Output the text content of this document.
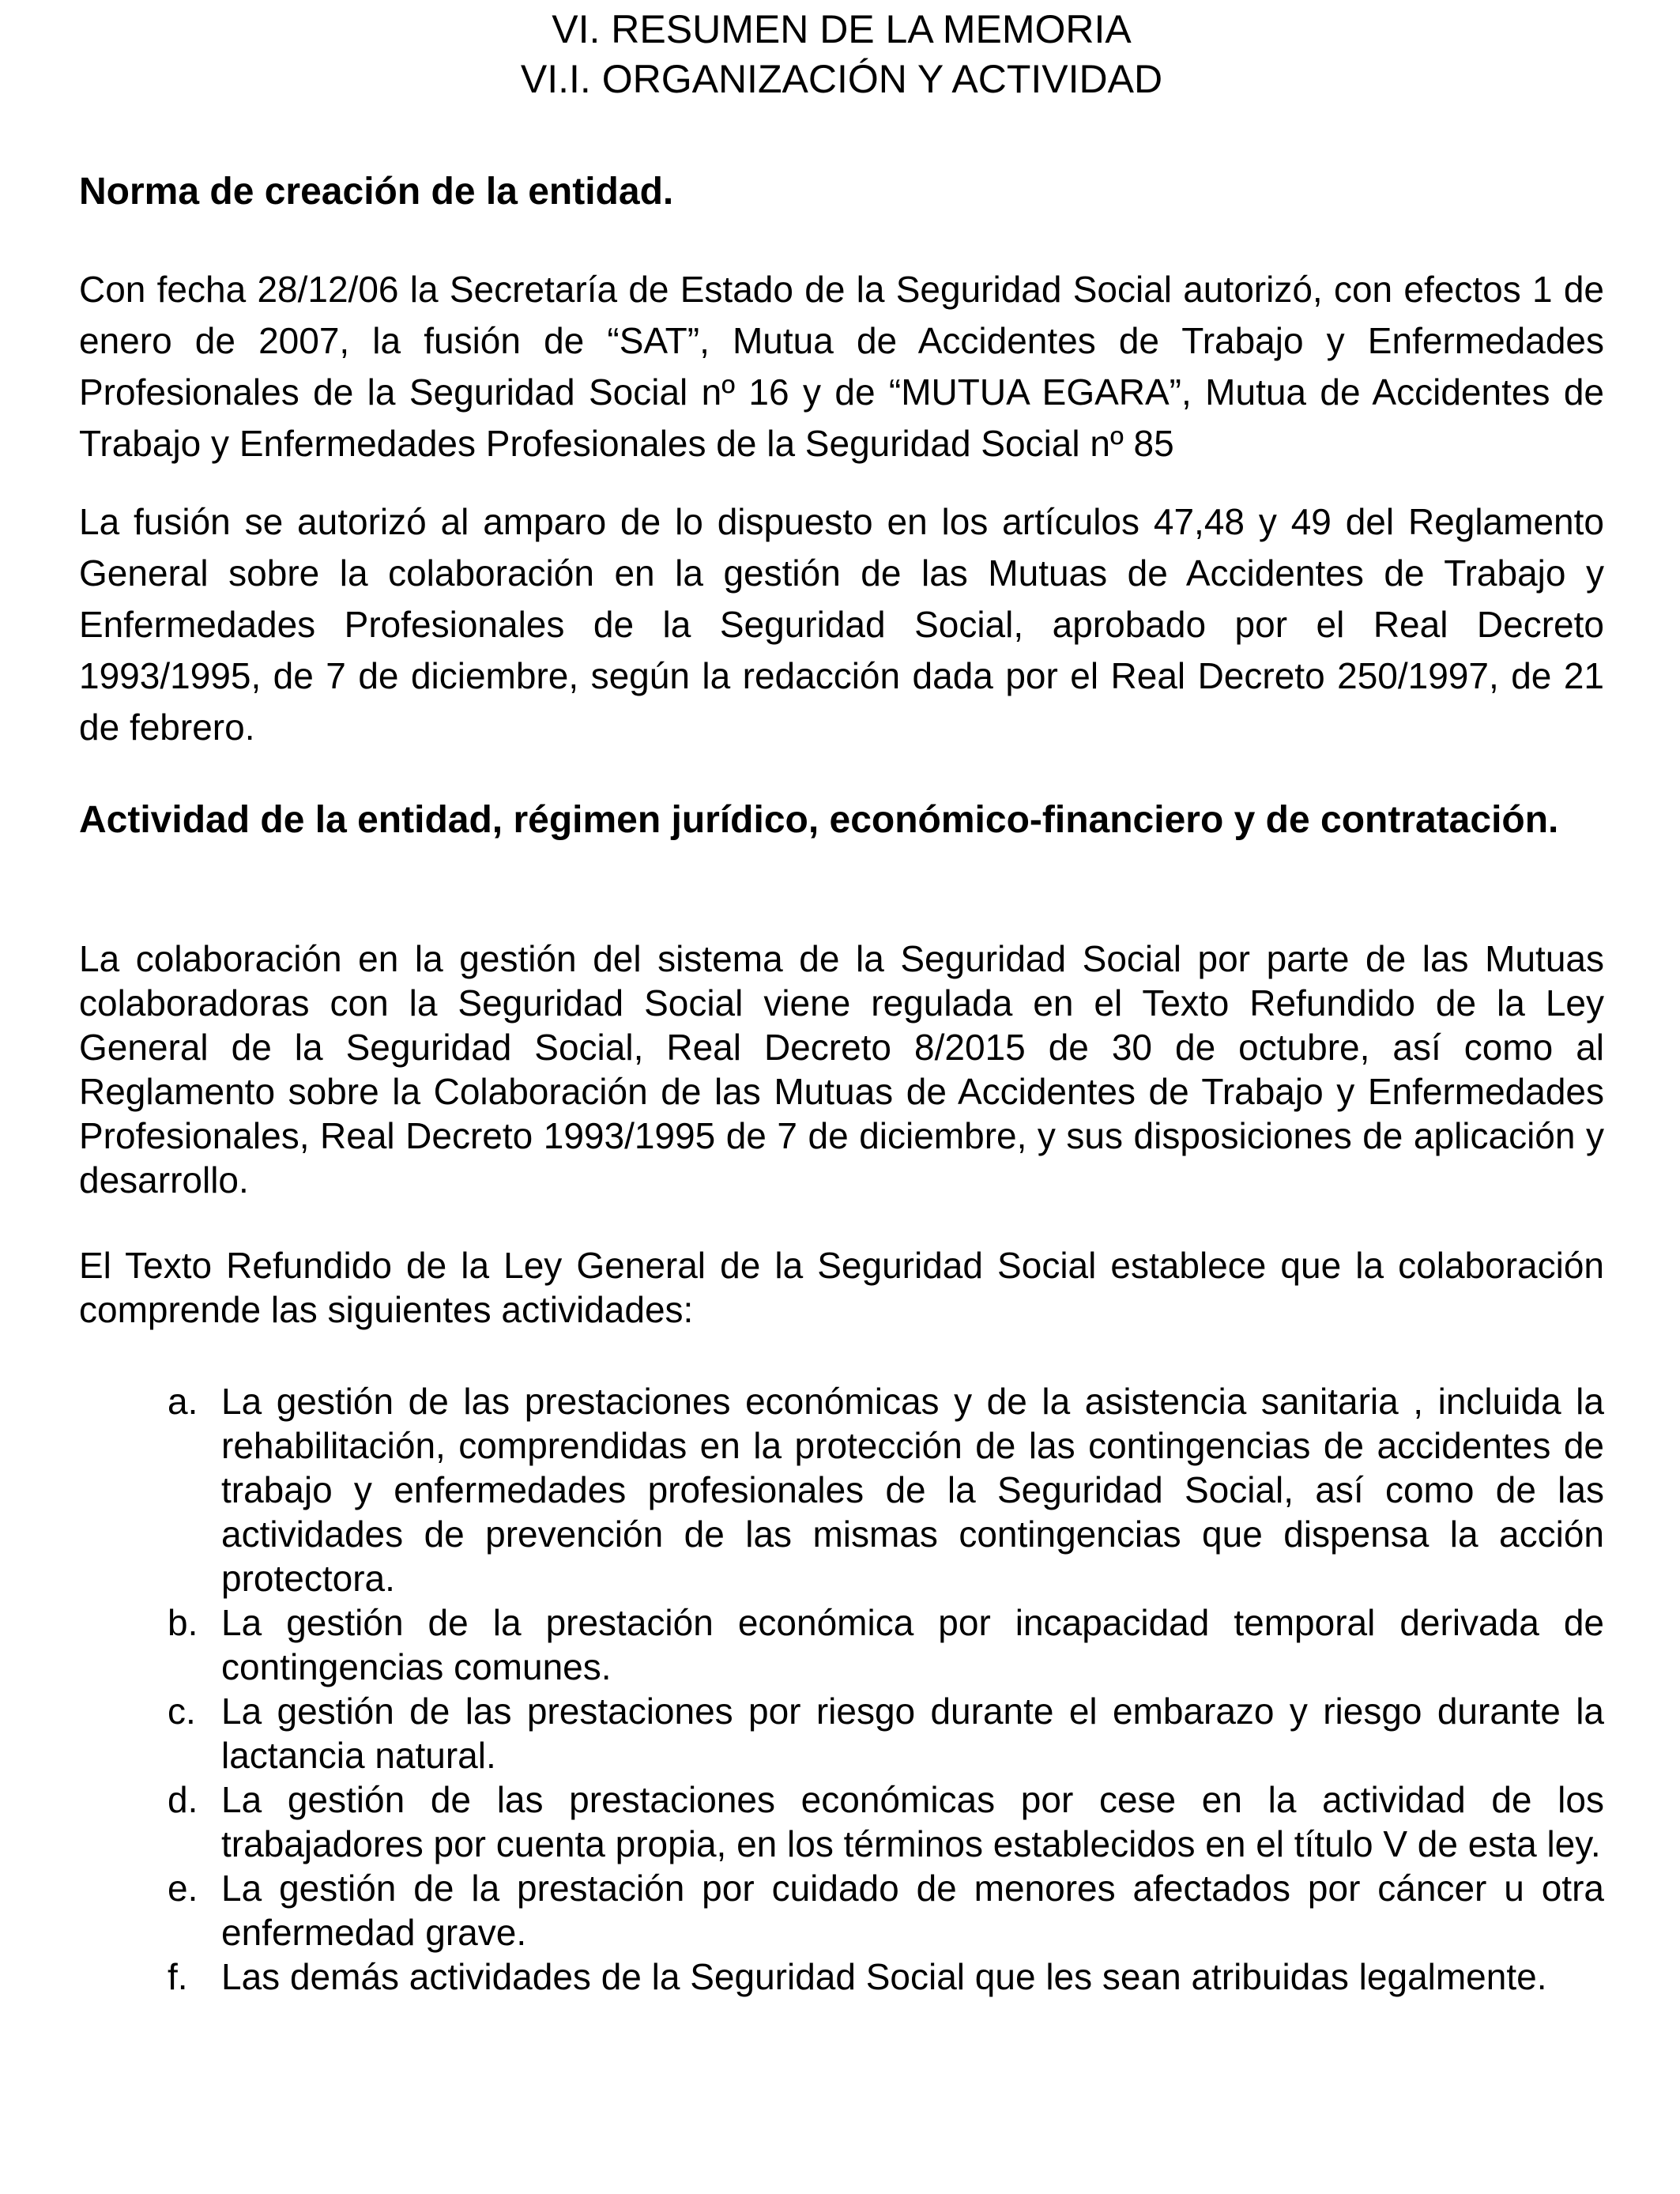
VI. RESUMEN DE LA MEMORIA
VI.I. ORGANIZACIÓN Y ACTIVIDAD
Norma de creación de la entidad.

Con fecha 28/12/06 la Secretaría de Estado de la Seguridad Social autorizó, con efectos 1 de enero de 2007, la fusión de “SAT”, Mutua de Accidentes de Trabajo y Enfermedades Profesionales de la Seguridad Social nº 16 y de “MUTUA EGARA”, Mutua de Accidentes de Trabajo y Enfermedades Profesionales de la Seguridad Social nº 85

La fusión se autorizó al amparo de lo dispuesto en los artículos 47,48 y 49 del Reglamento General sobre la colaboración en la gestión de las Mutuas de Accidentes de Trabajo y Enfermedades Profesionales de la Seguridad Social, aprobado por el Real Decreto 1993/1995, de 7 de diciembre, según la redacción dada por el Real Decreto 250/1997, de 21 de febrero.

Actividad de la entidad, régimen jurídico, económico-financiero y de contratación.

La colaboración en la gestión del sistema de la Seguridad Social por parte de las Mutuas colaboradoras con la Seguridad Social viene regulada en el Texto Refundido de la Ley General de la Seguridad Social, Real Decreto 8/2015 de 30 de octubre, así como al Reglamento sobre la Colaboración de las Mutuas de Accidentes de Trabajo y Enfermedades Profesionales, Real Decreto 1993/1995 de 7 de diciembre, y sus disposiciones de aplicación y desarrollo.

El Texto Refundido de la Ley General de la Seguridad Social establece que la colaboración comprende las siguientes actividades:

a. La gestión de las prestaciones económicas y de la asistencia sanitaria , incluida la rehabilitación, comprendidas en la protección de las contingencias de accidentes de trabajo y enfermedades profesionales de la Seguridad Social, así como de las actividades de prevención de las mismas contingencias que dispensa la acción protectora.
b. La gestión de la prestación económica por incapacidad temporal derivada de contingencias comunes.
c. La gestión de las prestaciones por riesgo durante el embarazo y riesgo durante la lactancia natural.
d. La gestión de las prestaciones económicas por cese en la actividad de los trabajadores por cuenta propia, en los términos establecidos en el título V de esta ley.
e. La gestión de la prestación por cuidado de menores afectados por cáncer u otra enfermedad grave.
f. Las demás actividades de la Seguridad Social que les sean atribuidas legalmente.
